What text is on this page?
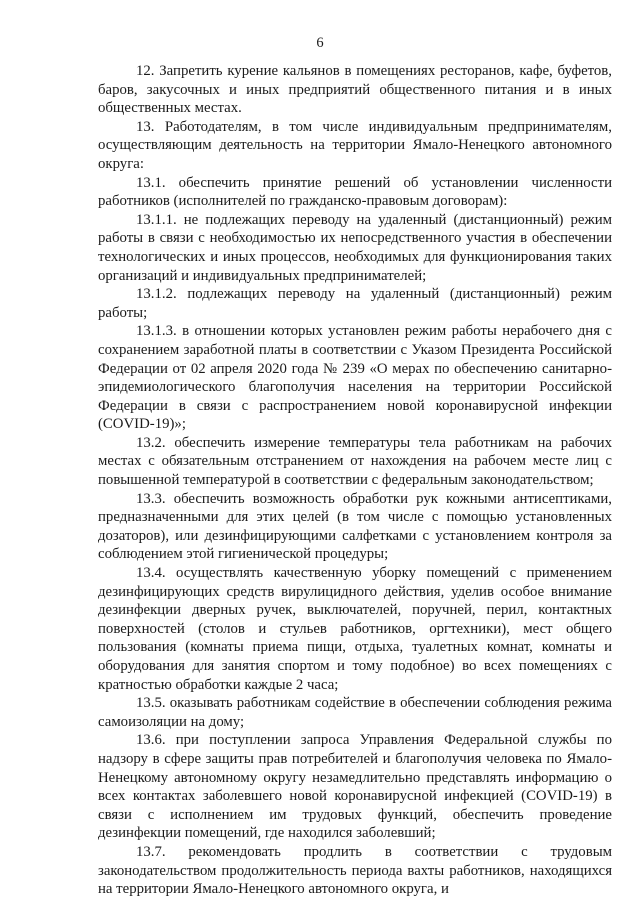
6

12. Запретить курение кальянов в помещениях ресторанов, кафе, буфетов, баров, закусочных и иных предприятий общественного питания и в иных общественных местах.

13. Работодателям, в том числе индивидуальным предпринимателям, осуществляющим деятельность на территории Ямало-Ненецкого автономного округа:

13.1. обеспечить принятие решений об установлении численности работников (исполнителей по гражданско-правовым договорам):

13.1.1. не подлежащих переводу на удаленный (дистанционный) режим работы в связи с необходимостью их непосредственного участия в обеспечении технологических и иных процессов, необходимых для функционирования таких организаций и индивидуальных предпринимателей;

13.1.2. подлежащих переводу на удаленный (дистанционный) режим работы;

13.1.3. в отношении которых установлен режим работы нерабочего дня с сохранением заработной платы в соответствии с Указом Президента Российской Федерации от 02 апреля 2020 года № 239 «О мерах по обеспечению санитарно-эпидемиологического благополучия населения на территории Российской Федерации в связи с распространением новой коронавирусной инфекции (COVID-19)»;

13.2. обеспечить измерение температуры тела работникам на рабочих местах с обязательным отстранением от нахождения на рабочем месте лиц с повышенной температурой в соответствии с федеральным законодательством;

13.3. обеспечить возможность обработки рук кожными антисептиками, предназначенными для этих целей (в том числе с помощью установленных дозаторов), или дезинфицирующими салфетками с установлением контроля за соблюдением этой гигиенической процедуры;

13.4. осуществлять качественную уборку помещений с применением дезинфицирующих средств вирулицидного действия, уделив особое внимание дезинфекции дверных ручек, выключателей, поручней, перил, контактных поверхностей (столов и стульев работников, оргтехники), мест общего пользования (комнаты приема пищи, отдыха, туалетных комнат, комнаты и оборудования для занятия спортом и тому подобное) во всех помещениях с кратностью обработки каждые 2 часа;

13.5. оказывать работникам содействие в обеспечении соблюдения режима самоизоляции на дому;

13.6. при поступлении запроса Управления Федеральной службы по надзору в сфере защиты прав потребителей и благополучия человека по Ямало-Ненецкому автономному округу незамедлительно представлять информацию о всех контактах заболевшего новой коронавирусной инфекцией (COVID-19) в связи с исполнением им трудовых функций, обеспечить проведение дезинфекции помещений, где находился заболевший;

13.7. рекомендовать продлить в соответствии с трудовым законодательством продолжительность периода вахты работников, находящихся на территории Ямало-Ненецкого автономного округа, и
